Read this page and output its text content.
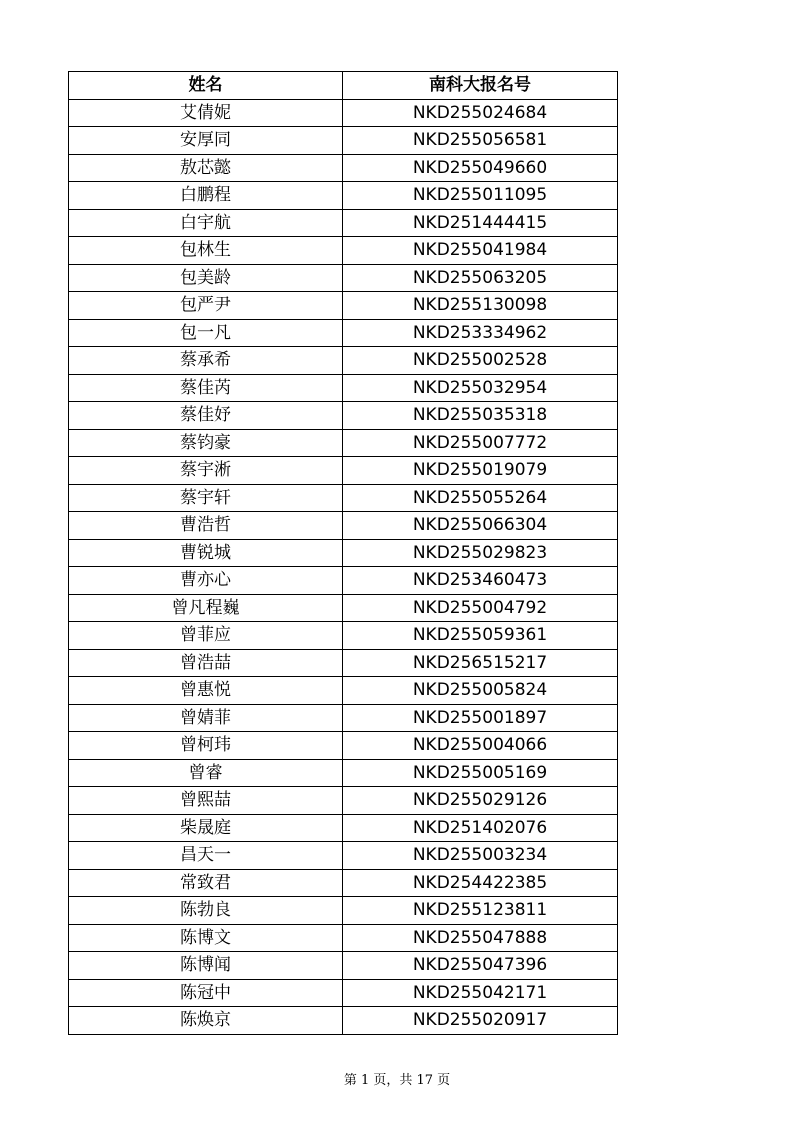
姓名	南科大报名号
艾倩妮	NKD255024684
安厚同	NKD255056581
敖芯懿	NKD255049660
白鹏程	NKD255011095
白宇航	NKD251444415
包林生	NKD255041984
包美龄	NKD255063205
包严尹	NKD255130098
包一凡	NKD253334962
蔡承希	NKD255002528
蔡佳芮	NKD255032954
蔡佳妤	NKD255035318
蔡钧豪	NKD255007772
蔡宇淅	NKD255019079
蔡宇轩	NKD255055264
曹浩哲	NKD255066304
曹锐城	NKD255029823
曹亦心	NKD253460473
曾凡程巍	NKD255004792
曾菲应	NKD255059361
曾浩喆	NKD256515217
曾惠悦	NKD255005824
曾婧菲	NKD255001897
曾柯玮	NKD255004066
曾睿	NKD255005169
曾熙喆	NKD255029126
柴晟庭	NKD251402076
昌天一	NKD255003234
常致君	NKD254422385
陈勃良	NKD255123811
陈博文	NKD255047888
陈博闻	NKD255047396
陈冠中	NKD255042171
陈焕京	NKD255020917
第 1 页，共 17 页
